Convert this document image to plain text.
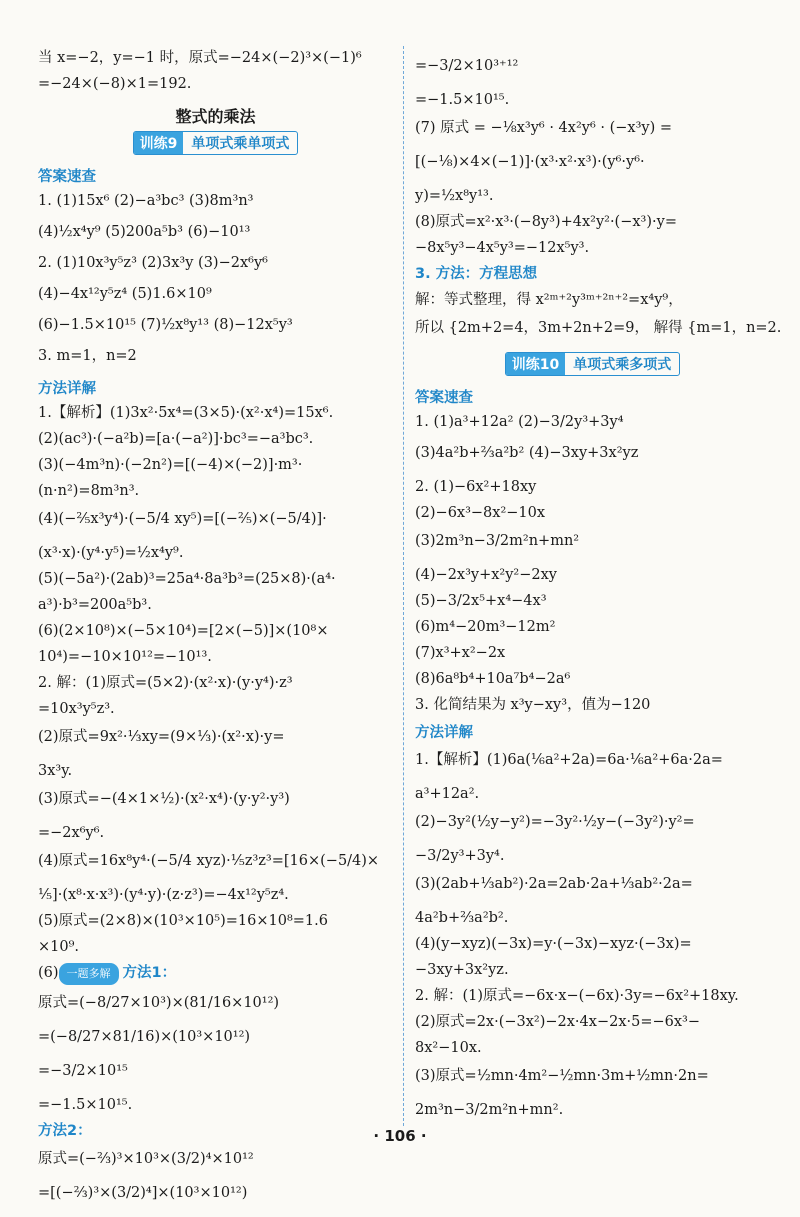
当 x=−2，y=−1 时，原式=−24×(−2)³×(−1)⁶
=−24×(−8)×1=192.
整式的乘法
训练9 单项式乘单项式
答案速查
1. (1)15x⁶ (2)−a³bc³ (3)8m³n³
(4)½x⁴y⁹ (5)200a⁵b³ (6)−10¹³
2. (1)10x³y⁵z³ (2)3x³y (3)−2x⁶y⁶
(4)−4x¹²y⁵z⁴ (5)1.6×10⁹
(6)−1.5×10¹⁵ (7)½x⁸y¹³ (8)−12x⁵y³
3. m=1，n=2
方法详解
1.【解析】(1)3x²·5x⁴=(3×5)·(x²·x⁴)=15x⁶.
(2)(ac³)·(−a²b)=[a·(−a²)]·bc³=−a³bc³.
(3)(−4m³n)·(−2n²)=[(−4)×(−2)]·m³·
(n·n²)=8m³n³.
(4)(−⅖x³y⁴)·(−5/4 xy⁵)=[(−⅖)×(−5/4)]·
(x³·x)·(y⁴·y⁵)=½x⁴y⁹.
(5)(−5a²)·(2ab)³=25a⁴·8a³b³=(25×8)·(a⁴·
a³)·b³=200a⁵b³.
(6)(2×10⁸)×(−5×10⁴)=[2×(−5)]×(10⁸×
10⁴)=−10×10¹²=−10¹³.
2. 解：(1)原式=(5×2)·(x²·x)·(y·y⁴)·z³
=10x³y⁵z³.
(2)原式=9x²·⅓xy=(9×⅓)·(x²·x)·y=
3x³y.
(3)原式=−(4×1×½)·(x²·x⁴)·(y·y²·y³)
=−2x⁶y⁶.
(4)原式=16x⁸y⁴·(−5/4 xyz)·⅕z³z³=[16×(−5/4)×
⅕]·(x⁸·x·x³)·(y⁴·y)·(z·z³)=−4x¹²y⁵z⁴.
(5)原式=(2×8)×(10³×10⁵)=16×10⁸=1.6
×10⁹.
(6) 一题多解 方法1：
原式=(−8/27×10³)×(81/16×10¹²)
=(−8/27×81/16)×(10³×10¹²)
=−3/2×10¹⁵
=−1.5×10¹⁵.
方法2：
原式=(−⅔)³×10³×(3/2)⁴×10¹²
=[(−⅔)³×(3/2)⁴]×(10³×10¹²)
=−3/2×10³⁺¹²
=−1.5×10¹⁵.
(7) 原式 = −⅛x³y⁶ · 4x²y⁶ · (−x³y) =
[(−⅛)×4×(−1)]·(x³·x²·x³)·(y⁶·y⁶·
y)=½x⁸y¹³.
(8)原式=x²·x³·(−8y³)+4x²y²·(−x³)·y=
−8x⁵y³−4x⁵y³=−12x⁵y³.
3. 方法：方程思想
解：等式整理，得 x²ᵐ⁺²y³ᵐ⁺²ⁿ⁺²=x⁴y⁹，
所以 {2m+2=4，3m+2n+2=9， 解得 {m=1，n=2.
训练10 单项式乘多项式
答案速查
1. (1)a³+12a² (2)−3/2y³+3y⁴
(3)4a²b+⅔a²b² (4)−3xy+3x²yz
2. (1)−6x²+18xy
(2)−6x³−8x²−10x
(3)2m³n−3/2m²n+mn²
(4)−2x³y+x²y²−2xy
(5)−3/2x⁵+x⁴−4x³
(6)m⁴−20m³−12m²
(7)x³+x²−2x
(8)6a⁸b⁴+10a⁷b⁴−2a⁶
3. 化简结果为 x³y−xy³，值为−120
方法详解
1.【解析】(1)6a(⅙a²+2a)=6a·⅙a²+6a·2a=
a³+12a².
(2)−3y²(½y−y²)=−3y²·½y−(−3y²)·y²=
−3/2y³+3y⁴.
(3)(2ab+⅓ab²)·2a=2ab·2a+⅓ab²·2a=
4a²b+⅔a²b².
(4)(y−xyz)(−3x)=y·(−3x)−xyz·(−3x)=
−3xy+3x²yz.
2. 解：(1)原式=−6x·x−(−6x)·3y=−6x²+18xy.
(2)原式=2x·(−3x²)−2x·4x−2x·5=−6x³−
8x²−10x.
(3)原式=½mn·4m²−½mn·3m+½mn·2n=
2m³n−3/2m²n+mn².
· 106 ·
